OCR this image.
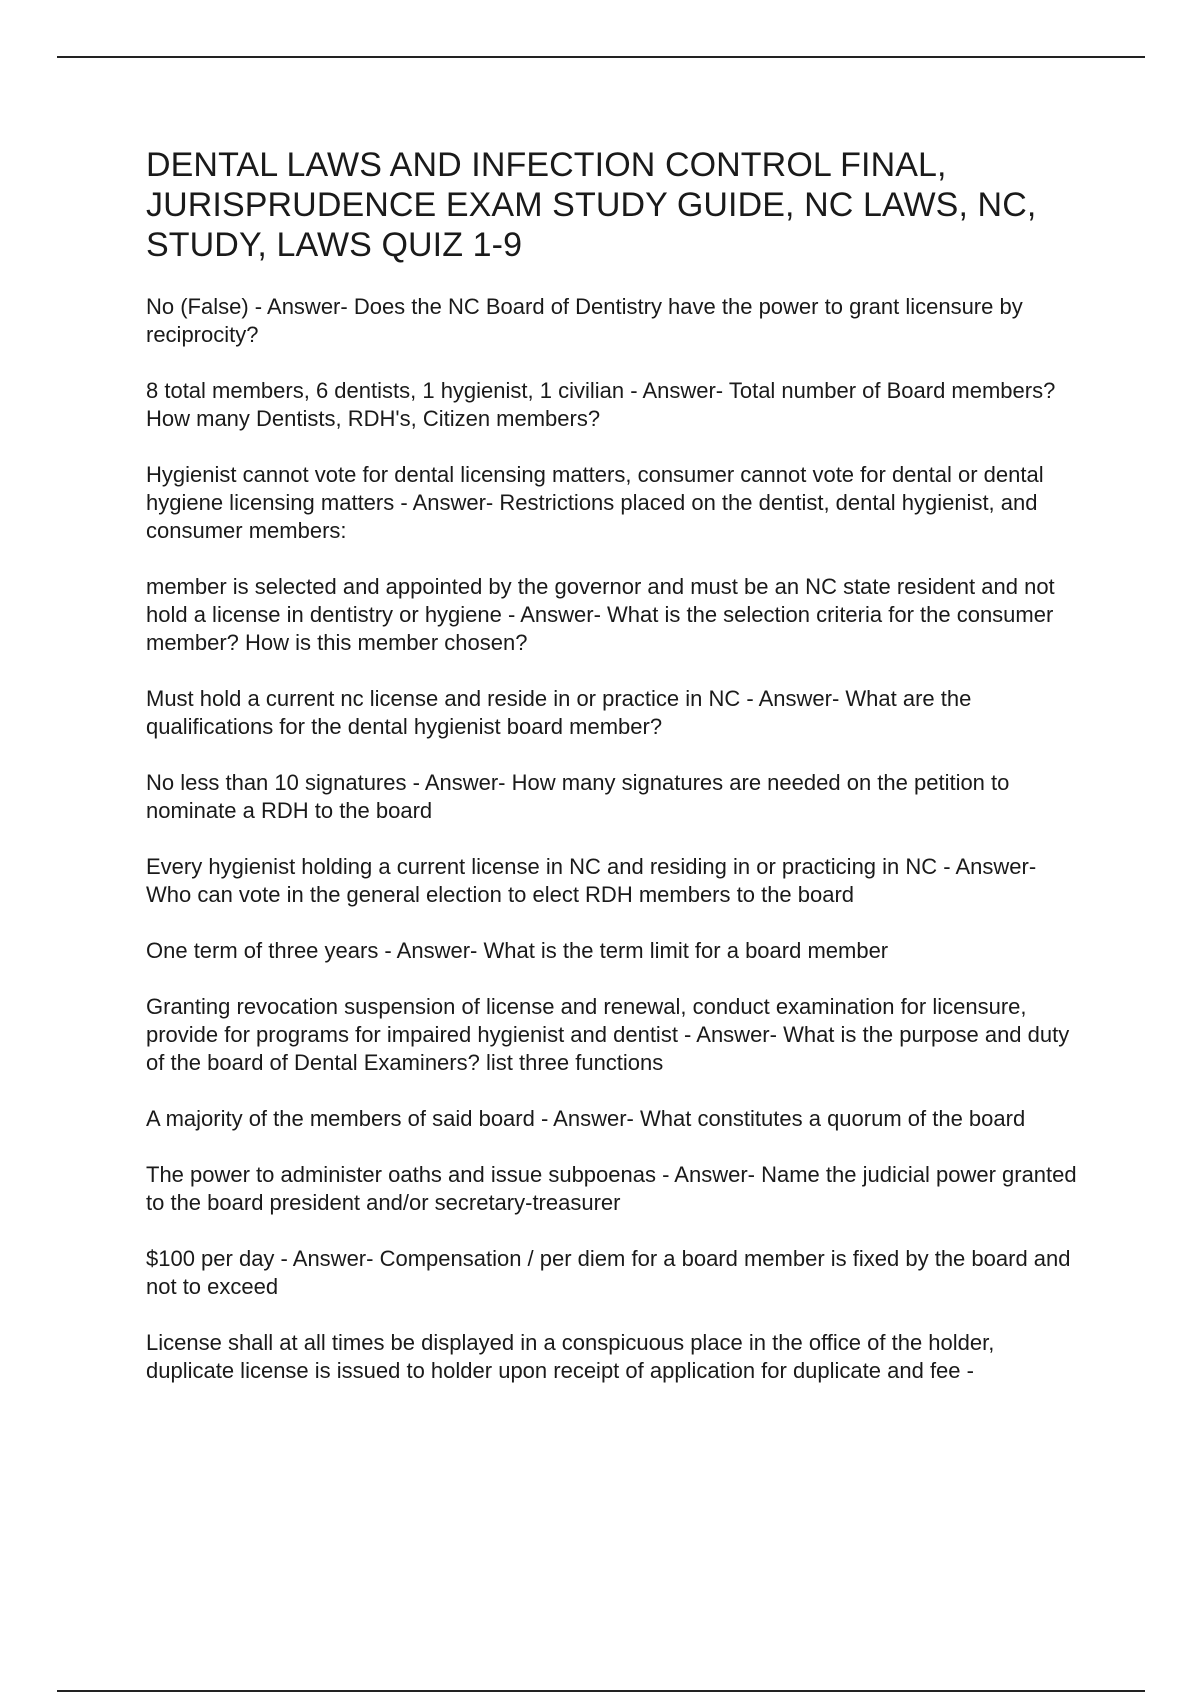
DENTAL LAWS AND INFECTION CONTROL FINAL, JURISPRUDENCE EXAM STUDY GUIDE, NC LAWS, NC, STUDY, LAWS QUIZ 1-9
No (False) - Answer- Does the NC Board of Dentistry have the power to grant licensure by reciprocity?
8 total members, 6 dentists, 1 hygienist, 1 civilian - Answer- Total number of Board members? How many Dentists, RDH's, Citizen members?
Hygienist cannot vote for dental licensing matters, consumer cannot vote for dental or dental hygiene licensing matters - Answer- Restrictions placed on the dentist, dental hygienist, and consumer members:
member is selected and appointed by the governor and must be an NC state resident and not hold a license in dentistry or hygiene - Answer- What is the selection criteria for the consumer member? How is this member chosen?
Must hold a current nc license and reside in or practice in NC - Answer- What are the qualifications for the dental hygienist board member?
No less than 10 signatures - Answer- How many signatures are needed on the petition to nominate a RDH to the board
Every hygienist holding a current license in NC and residing in or practicing in NC - Answer- Who can vote in the general election to elect RDH members to the board
One term of three years - Answer- What is the term limit for a board member
Granting revocation suspension of license and renewal, conduct examination for licensure, provide for programs for impaired hygienist and dentist - Answer- What is the purpose and duty of the board of Dental Examiners? list three functions
A majority of the members of said board - Answer- What constitutes a quorum of the board
The power to administer oaths and issue subpoenas - Answer- Name the judicial power granted to the board president and/or secretary-treasurer
$100 per day - Answer- Compensation / per diem for a board member is fixed by the board and not to exceed
License shall at all times be displayed in a conspicuous place in the office of the holder, duplicate license is issued to holder upon receipt of application for duplicate and fee -
